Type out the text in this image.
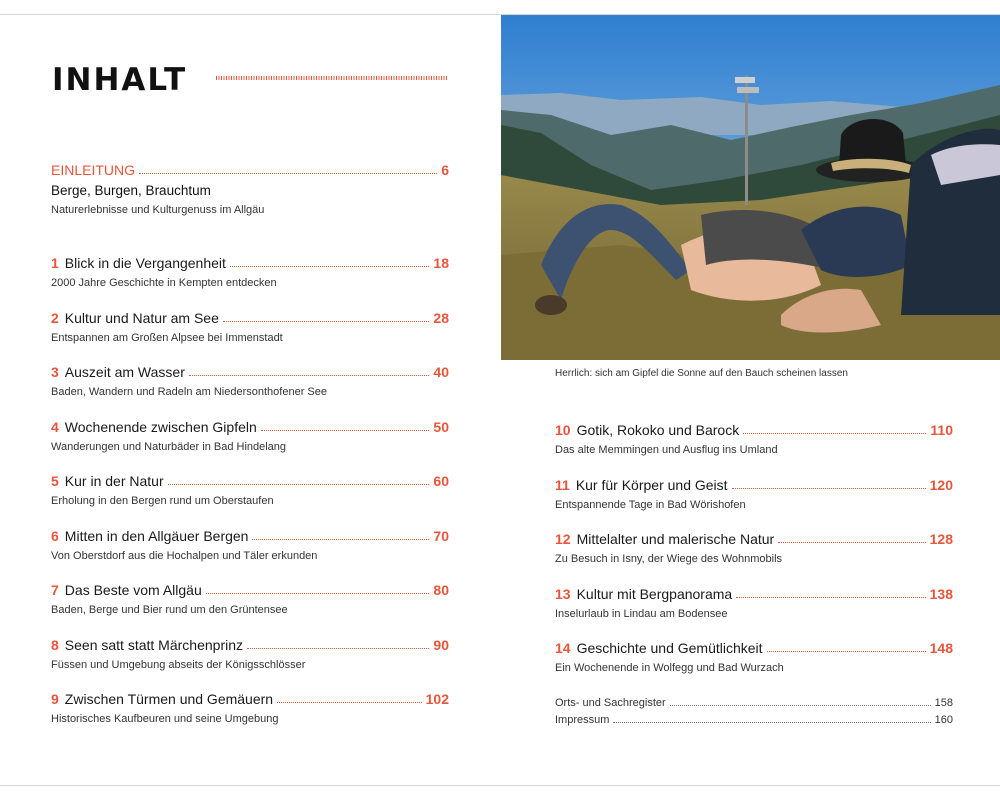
INHALT
EINLEITUNG	6
Berge, Burgen, Brauchtum
Naturerlebnisse und Kulturgenuss im Allgäu
1 Blick in die Vergangenheit	18
2000 Jahre Geschichte in Kempten entdecken
2 Kultur und Natur am See	28
Entspannen am Großen Alpsee bei Immenstadt
3 Auszeit am Wasser	40
Baden, Wandern und Radeln am Niedersonthofener See
4 Wochenende zwischen Gipfeln	50
Wanderungen und Naturbäder in Bad Hindelang
5 Kur in der Natur	60
Erholung in den Bergen rund um Oberstaufen
6 Mitten in den Allgäuer Bergen	70
Von Oberstdorf aus die Hochalpen und Täler erkunden
7 Das Beste vom Allgäu	80
Baden, Berge und Bier rund um den Grüntensee
8 Seen satt statt Märchenprinz	90
Füssen und Umgebung abseits der Königsschlösser
9 Zwischen Türmen und Gemäuern	102
Historisches Kaufbeuren und seine Umgebung
Herrlich: sich am Gipfel die Sonne auf den Bauch scheinen lassen
10 Gotik, Rokoko und Barock	110
Das alte Memmingen und Ausflug ins Umland
11 Kur für Körper und Geist	120
Entspannende Tage in Bad Wörishofen
12 Mittelalter und malerische Natur	128
Zu Besuch in Isny, der Wiege des Wohnmobils
13 Kultur mit Bergpanorama	138
Inselurlaub in Lindau am Bodensee
14 Geschichte und Gemütlichkeit	148
Ein Wochenende in Wolfegg und Bad Wurzach
Orts- und Sachregister	158
Impressum	160
